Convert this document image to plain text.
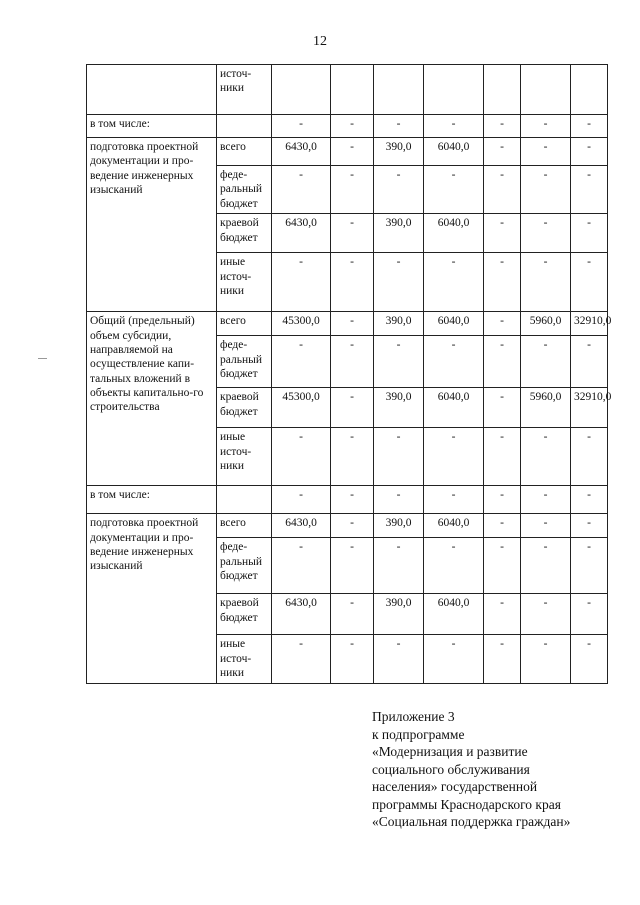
12
	источ-ники							

в том числе:		-	-	-	-	-	-	-

подготовка проектной документации и про-ведение инженерных изысканий	всего	6430,0	-	390,0	6040,0	-	-	-
	феде-ральный бюджет	-	-	-	-	-	-	-
	краевой бюджет	6430,0	-	390,0	6040,0	-	-	-
	иные источ-ники	-	-	-	-	-	-	-

Общий (предельный) объем субсидии, направляемой на осуществление капи-тальных вложений в объекты капитально-го строительства	всего	45300,0	-	390,0	6040,0	-	5960,0	32910,0
	феде-ральный бюджет	-	-	-	-	-	-	-
	краевой бюджет	45300,0	-	390,0	6040,0	-	5960,0	32910,0
	иные источ-ники	-	-	-	-	-	-	-

в том числе:		-	-	-	-	-	-	-

подготовка проектной документации и про-ведение инженерных изысканий	всего	6430,0	-	390,0	6040,0	-	-	-
	феде-ральный бюджет	-	-	-	-	-	-	-
	краевой бюджет	6430,0	-	390,0	6040,0	-	-	-
	иные источ-ники	-	-	-	-	-	-	-
Приложение 3
к подпрограмме
«Модернизация и развитие
социального обслуживания
населения» государственной
программы Краснодарского края
«Социальная поддержка граждан»
